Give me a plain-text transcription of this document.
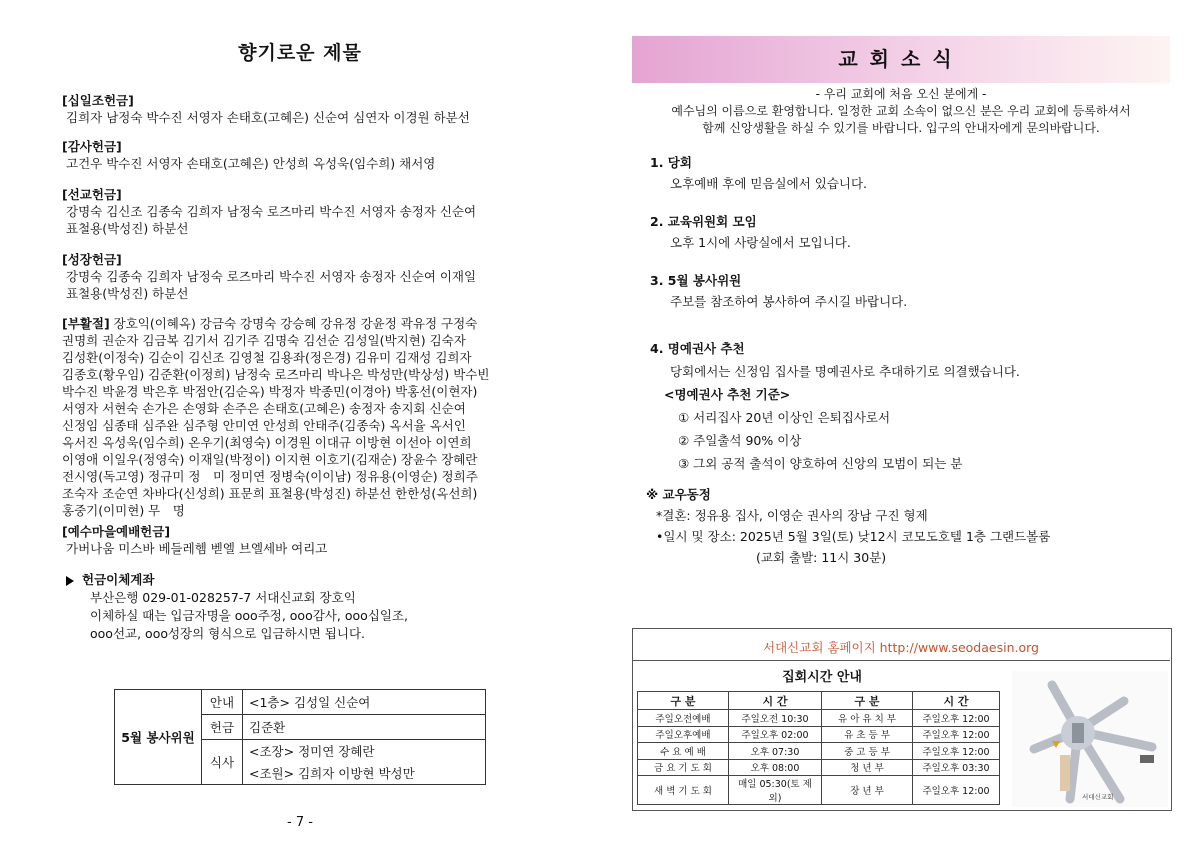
향기로운 제물
[십일조헌금]
김희자 남정숙 박수진 서영자 손태호(고혜은) 신순여 심연자 이경원 하분선
[감사헌금]
고건우 박수진 서영자 손태호(고혜은) 안성희 옥성욱(임수희) 채서영
[선교헌금]
강명숙 김신조 김종숙 김희자 남정숙 로즈마리 박수진 서영자 송정자 신순여
표철용(박성진) 하분선
[성장헌금]
강명숙 김종숙 김희자 남정숙 로즈마리 박수진 서영자 송정자 신순여 이재일
표철용(박성진) 하분선
[부활절] 장호익(이혜옥) 강금숙 강명숙 강승혜 강유정 강윤정 곽유정 구정숙
권명희 권순자 김금복 김기서 김기주 김명숙 김선순 김성일(박지현) 김숙자
김성환(이정숙) 김순이 김신조 김영철 김용좌(정은경) 김유미 김재성 김희자
김종호(황우임) 김준환(이정희) 남정숙 로즈마리 박나은 박성만(박상성) 박수빈
박수진 박윤경 박은후 박점안(김순옥) 박정자 박종민(이경아) 박홍선(이현자)
서영자 서현숙 손가은 손영화 손주은 손태호(고혜은) 송정자 송지회 신순여
신정임 심종태 심주완 심주형 안미연 안성희 안태주(김종숙) 옥서율 옥서인
옥서진 옥성욱(임수희) 온우기(최영숙) 이경원 이대규 이방현 이선아 이연희
이영애 이일우(정영숙) 이재일(박정이) 이지현 이호기(김재순) 장윤수 장혜란
전시영(독고영) 정규미 정　미 정미연 정병숙(이이남) 정유용(이영순) 정희주
조숙자 조순연 차바다(신성희) 표문희 표철용(박성진) 하분선 한한성(옥선희)
홍중기(이미현) 무　명
[예수마을예배헌금]
가버나움 미스바 베들레헴 벧엘 브엘세바 여리고
헌금이체계좌
부산은행 029-01-028257-7 서대신교회 장호익
이체하실 때는 입금자명을 ooo주정, ooo감사, ooo십일조,
ooo선교, ooo성장의 형식으로 입금하시면 됩니다.
5월 봉사위원	안내	<1층> 김성일 신순여
	헌금	김준환
	식사	<조장> 정미연 장혜란
		<조원> 김희자 이방현 박성만
- 7 -
교회소식
- 우리 교회에 처음 오신 분에게 -
예수님의 이름으로 환영합니다. 일정한 교회 소속이 없으신 분은 우리 교회에 등록하셔서
함께 신앙생활을 하실 수 있기를 바랍니다. 입구의 안내자에게 문의바랍니다.
1. 당회
오후예배 후에 믿음실에서 있습니다.
2. 교육위원회 모임
오후 1시에 사랑실에서 모입니다.
3. 5월 봉사위원
주보를 참조하여 봉사하여 주시길 바랍니다.
4. 명예권사 추천
당회에서는 신정임 집사를 명예권사로 추대하기로 의결했습니다.
<명예권사 추천 기준>
① 서리집사 20년 이상인 은퇴집사로서
② 주일출석 90% 이상
③ 그외 공적 출석이 양호하여 신앙의 모범이 되는 분
※ 교우동정
*결혼: 정유용 집사, 이영순 권사의 장남 구진 형제
•일시 및 장소: 2025년 5월 3일(토) 낮12시 코모도호텔 1층 그랜드볼룸
(교회 출발: 11시 30분)
서대신교회 홈페이지 http://www.seodaesin.org
집회시간 안내
구 분	시 간	구 분	시 간
주일오전예배	주일오전 10:30	유 아 유 치 부	주일오후 12:00
주일오후예배	주일오후 02:00	유 초 등 부	주일오후 12:00
수 요 예 배	오후 07:30	중 고 등 부	주일오후 12:00
금 요 기 도 회	오후 08:00	청 년 부	주일오후 03:30
새 벽 기 도 회	매일 05:30(토 제외)	장 년 부	주일오후 12:00	서대신교회
